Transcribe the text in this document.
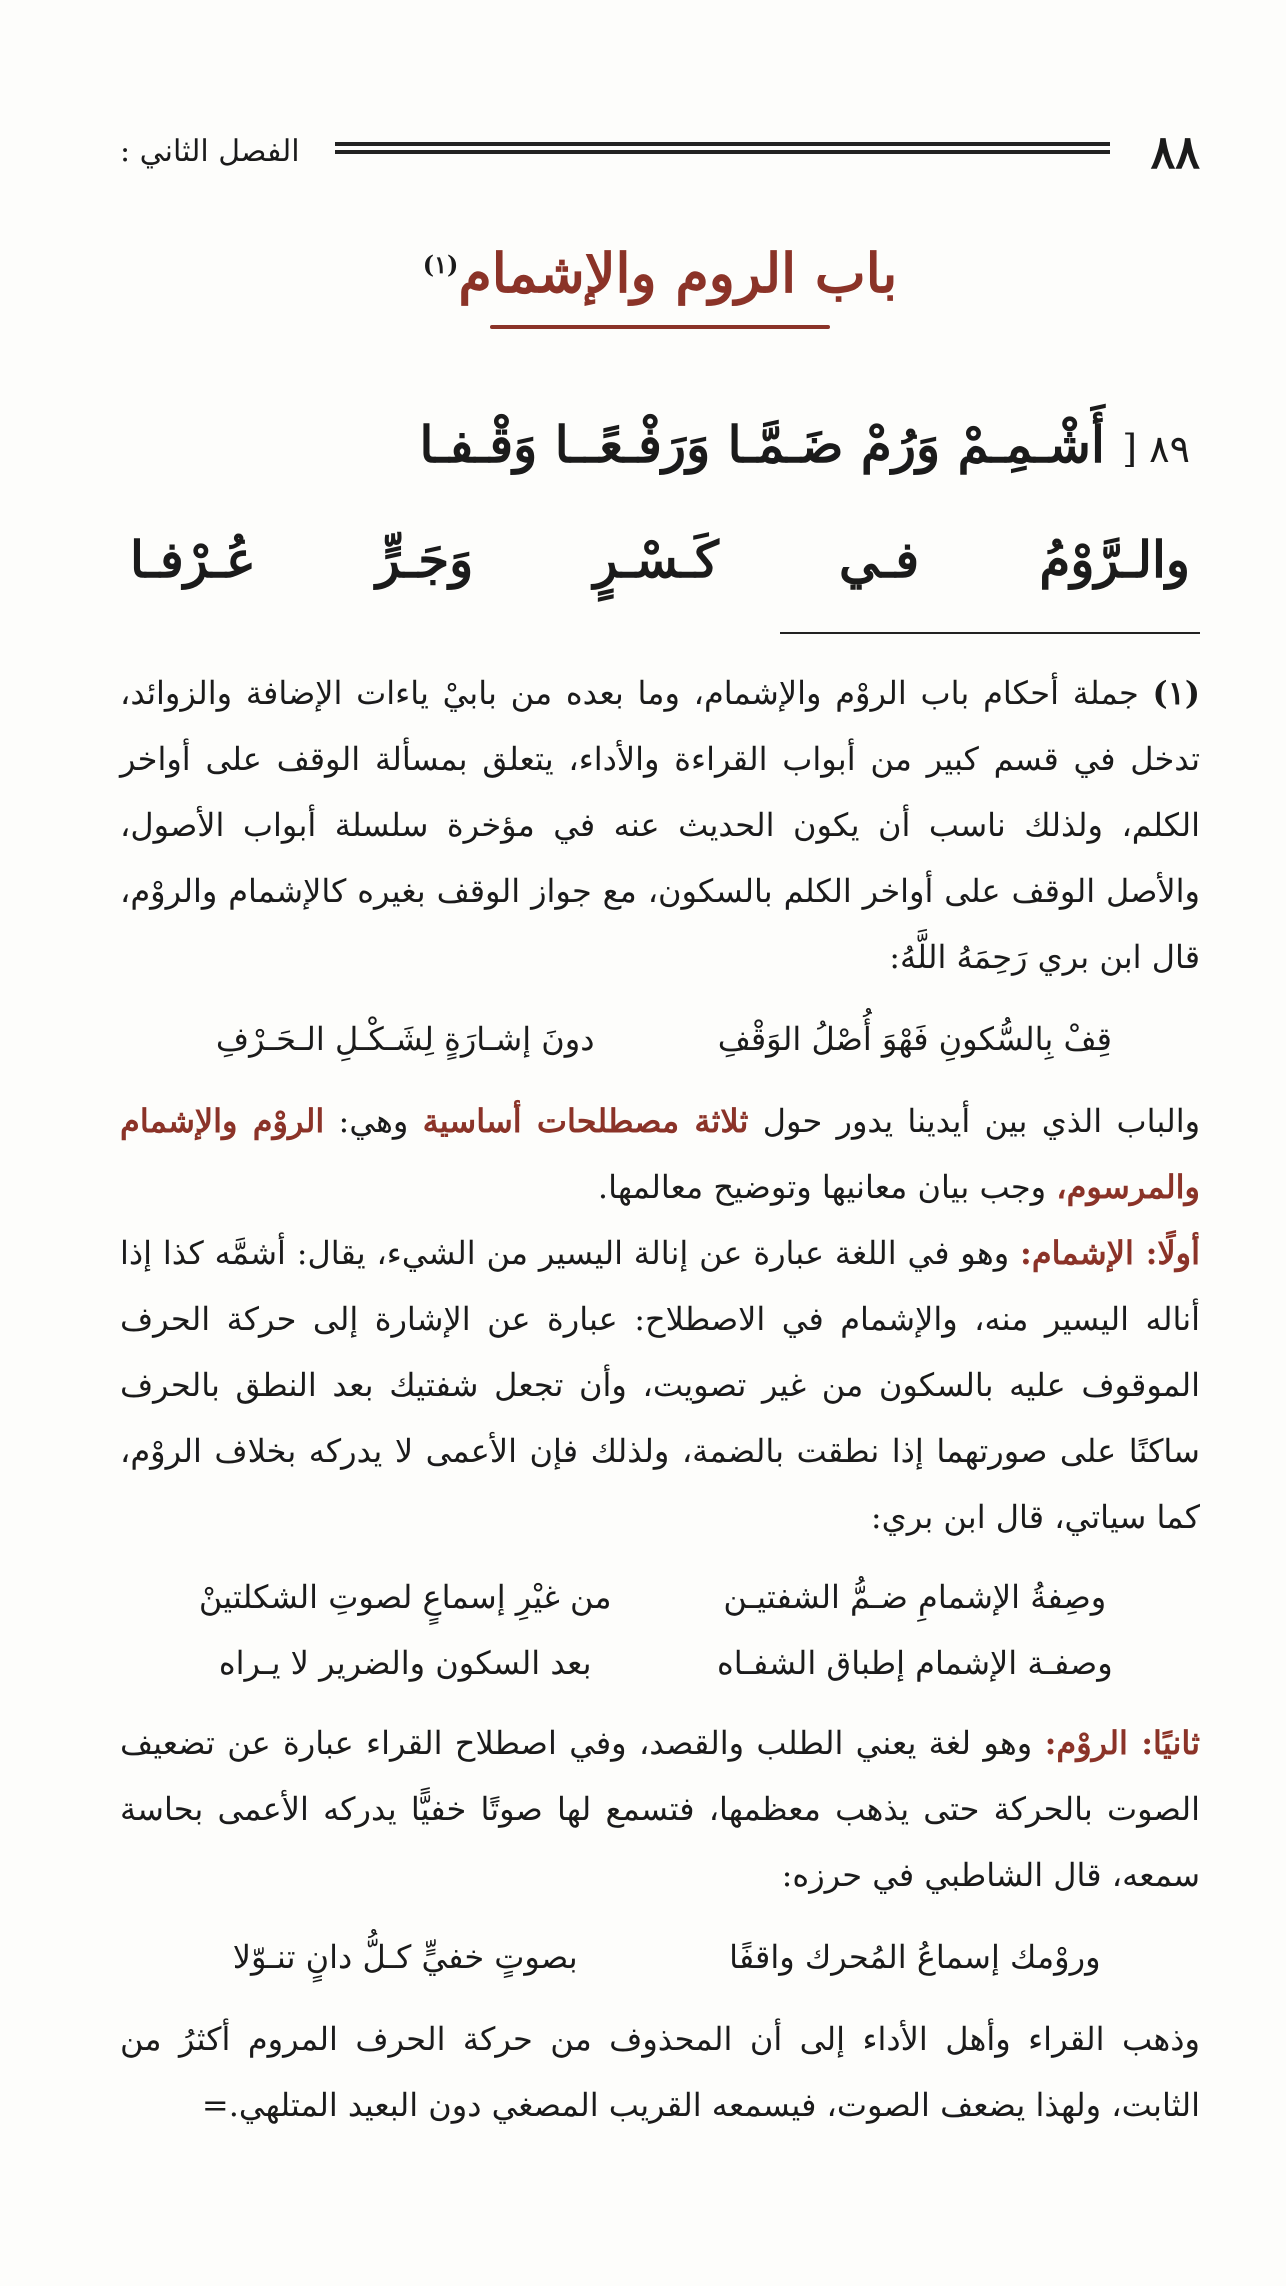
٨٨
الفصل الثاني :
باب الروم والإشمام$^{(١)}$
٨٩ [ أَشْـمِـمْ وَرُمْ ضَـمَّـا وَرَفْـعًــا وَقْـفـا
والـرَّوْمُ فـي كَـسْـرٍ وَجَـرٍّ عُـرْفـا

(١) جملة أحكام باب الروْم والإشمام، وما بعده من بابيْ ياءات الإضافة والزوائد، تدخل في قسم كبير من أبواب القراءة والأداء، يتعلق بمسألة الوقف على أواخر الكلم، ولذلك ناسب أن يكون الحديث عنه في مؤخرة سلسلة أبواب الأصول، والأصل الوقف على أواخر الكلم بالسكون، مع جواز الوقف بغيره كالإشمام والروْم، قال ابن بري رَحِمَهُ اللَّهُ:

قِفْ بِالسُّكونِ فَهْوَ أُصْلُ الوَقْفِ
دونَ إشـارَةٍ لِشَـكْـلِ الـحَـرْفِ

والباب الذي بين أيدينا يدور حول ثلاثة مصطلحات أساسية وهي: الروْم والإشمام والمرسوم، وجب بيان معانيها وتوضيح معالمها.

أولًا: الإشمام: وهو في اللغة عبارة عن إنالة اليسير من الشيء، يقال: أشمَّه كذا إذا أناله اليسير منه، والإشمام في الاصطلاح: عبارة عن الإشارة إلى حركة الحرف الموقوف عليه بالسكون من غير تصويت، وأن تجعل شفتيك بعد النطق بالحرف ساكنًا على صورتهما إذا نطقت بالضمة، ولذلك فإن الأعمى لا يدركه بخلاف الروْم، كما سياتي، قال ابن بري:

وصِفةُ الإشمامِ ضـمُّ الشفتيـن
من غيْرِ إسماعٍ لصوتِ الشكلتينْ
وصفـة الإشمام إطباق الشفـاه
بعد السكون والضرير لا يـراه

ثانيًا: الروْم: وهو لغة يعني الطلب والقصد، وفي اصطلاح القراء عبارة عن تضعيف الصوت بالحركة حتى يذهب معظمها، فتسمع لها صوتًا خفيًّا يدركه الأعمى بحاسة سمعه، قال الشاطبي في حرزه:

وروْمك إسماعُ المُحرك واقفًا
بصوتٍ خفيٍّ كـلُّ دانٍ تنـوّلا

وذهب القراء وأهل الأداء إلى أن المحذوف من حركة الحرف المروم أكثرُ من الثابت، ولهذا يضعف الصوت، فيسمعه القريب المصغي دون البعيد المتلهي.=
